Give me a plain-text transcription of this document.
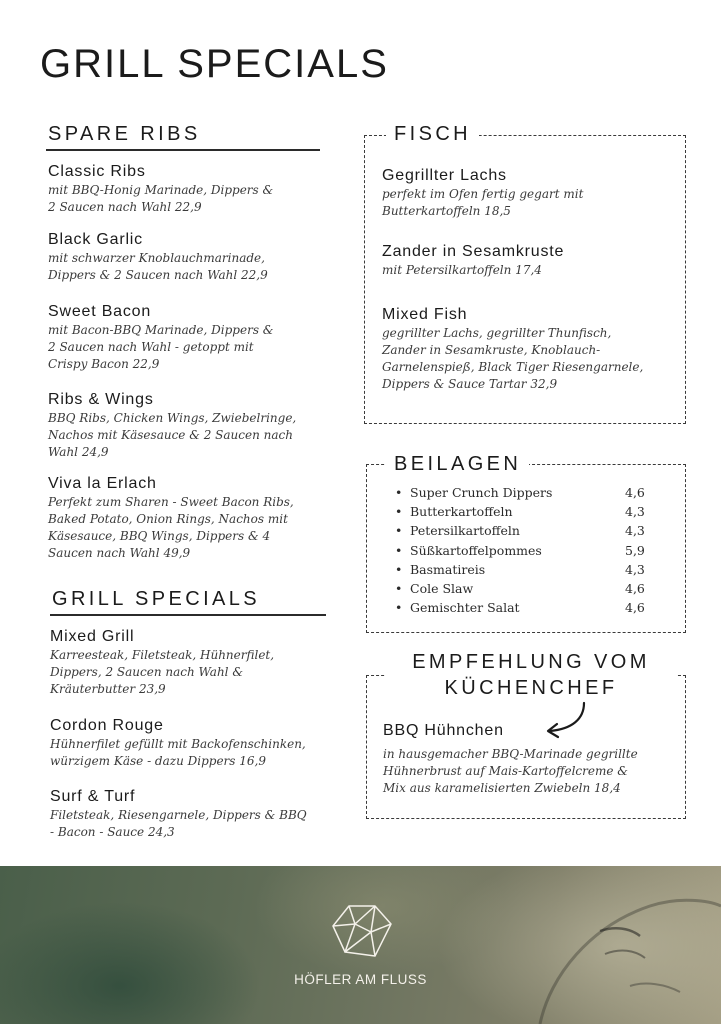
GRILL SPECIALS
SPARE RIBS

Classic Ribs

mit BBQ-Honig Marinade, Dippers &

2 Saucen nach Wahl 22,9

Black Garlic

mit schwarzer Knoblauchmarinade,

Dippers & 2 Saucen nach Wahl 22,9

Sweet Bacon

mit Bacon-BBQ Marinade, Dippers &

2 Saucen nach Wahl - getoppt mit

Crispy Bacon 22,9

Ribs & Wings

BBQ Ribs, Chicken Wings, Zwiebelringe,

Nachos mit Käsesauce & 2 Saucen nach

Wahl 24,9

Viva la Erlach

Perfekt zum Sharen - Sweet Bacon Ribs,

Baked Potato, Onion Rings, Nachos mit

Käsesauce, BBQ Wings, Dippers & 4

Saucen nach Wahl 49,9

GRILL SPECIALS

Mixed Grill

Karreesteak, Filetsteak, Hühnerfilet,

Dippers, 2 Saucen nach Wahl &

Kräuterbutter 23,9

Cordon Rouge

Hühnerfilet gefüllt mit Backofenschinken,

würzigem Käse - dazu Dippers 16,9

Surf & Turf

Filetsteak, Riesengarnele, Dippers & BBQ

- Bacon - Sauce 24,3

FISCH

Gegrillter Lachs

perfekt im Ofen fertig gegart mit

Butterkartoffeln 18,5

Zander in Sesamkruste

mit Petersilkartoffeln 17,4

Mixed Fish

gegrillter Lachs, gegrillter Thunfisch,

Zander in Sesamkruste, Knoblauch-

Garnelenspieß, Black Tiger Riesengarnele,

Dippers & Sauce Tartar 32,9

BEILAGEN
• Super Crunch Dippers	4,6
• Butterkartoffeln	4,3
• Petersilkartoffeln	4,3
• Süßkartoffelpommes	5,9
• Basmatireis	4,3
• Cole Slaw	4,6
• Gemischter Salat	4,6
EMPFEHLUNG VOM
KÜCHENCHEF

BBQ Hühnchen

in hausgemacher BBQ-Marinade gegrillte

Hühnerbrust auf Mais-Kartoffelcreme &

Mix aus karamelisierten Zwiebeln 18,4

HÖFLER AM FLUSS
